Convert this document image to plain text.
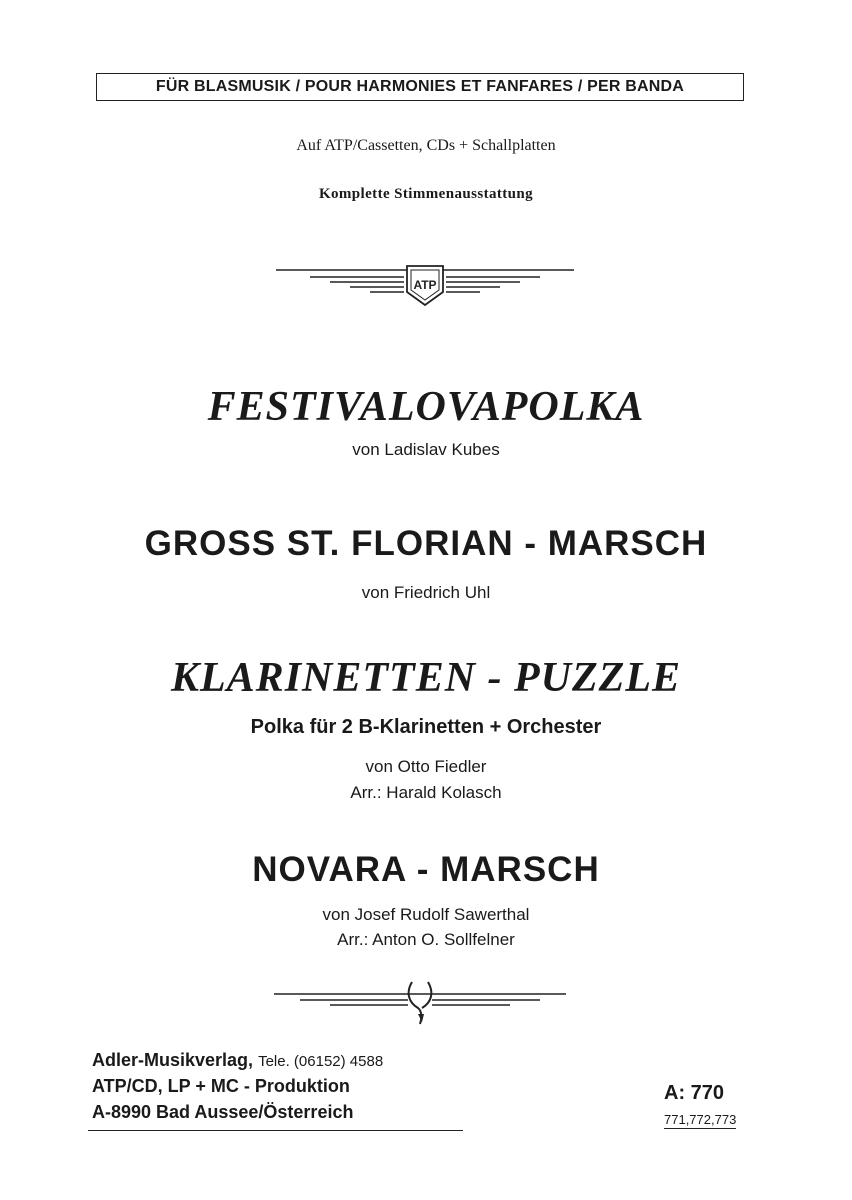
FÜR BLASMUSIK / POUR HARMONIES ET FANFARES / PER BANDA
Auf ATP/Cassetten, CDs + Schallplatten
Komplette Stimmenausstattung
ATP
FESTIVALOVAPOLKA
von Ladislav Kubes
GROSS ST. FLORIAN - MARSCH
von Friedrich Uhl
KLARINETTEN - PUZZLE
Polka für 2 B-Klarinetten + Orchester
von Otto Fiedler
Arr.: Harald Kolasch
NOVARA - MARSCH
von Josef Rudolf Sawerthal
Arr.: Anton O. Sollfelner
Adler-Musikverlag, Tele. (06152) 4588
ATP/CD, LP + MC - Produktion
A-8990 Bad Aussee/Österreich
A: 770
771,772,773
